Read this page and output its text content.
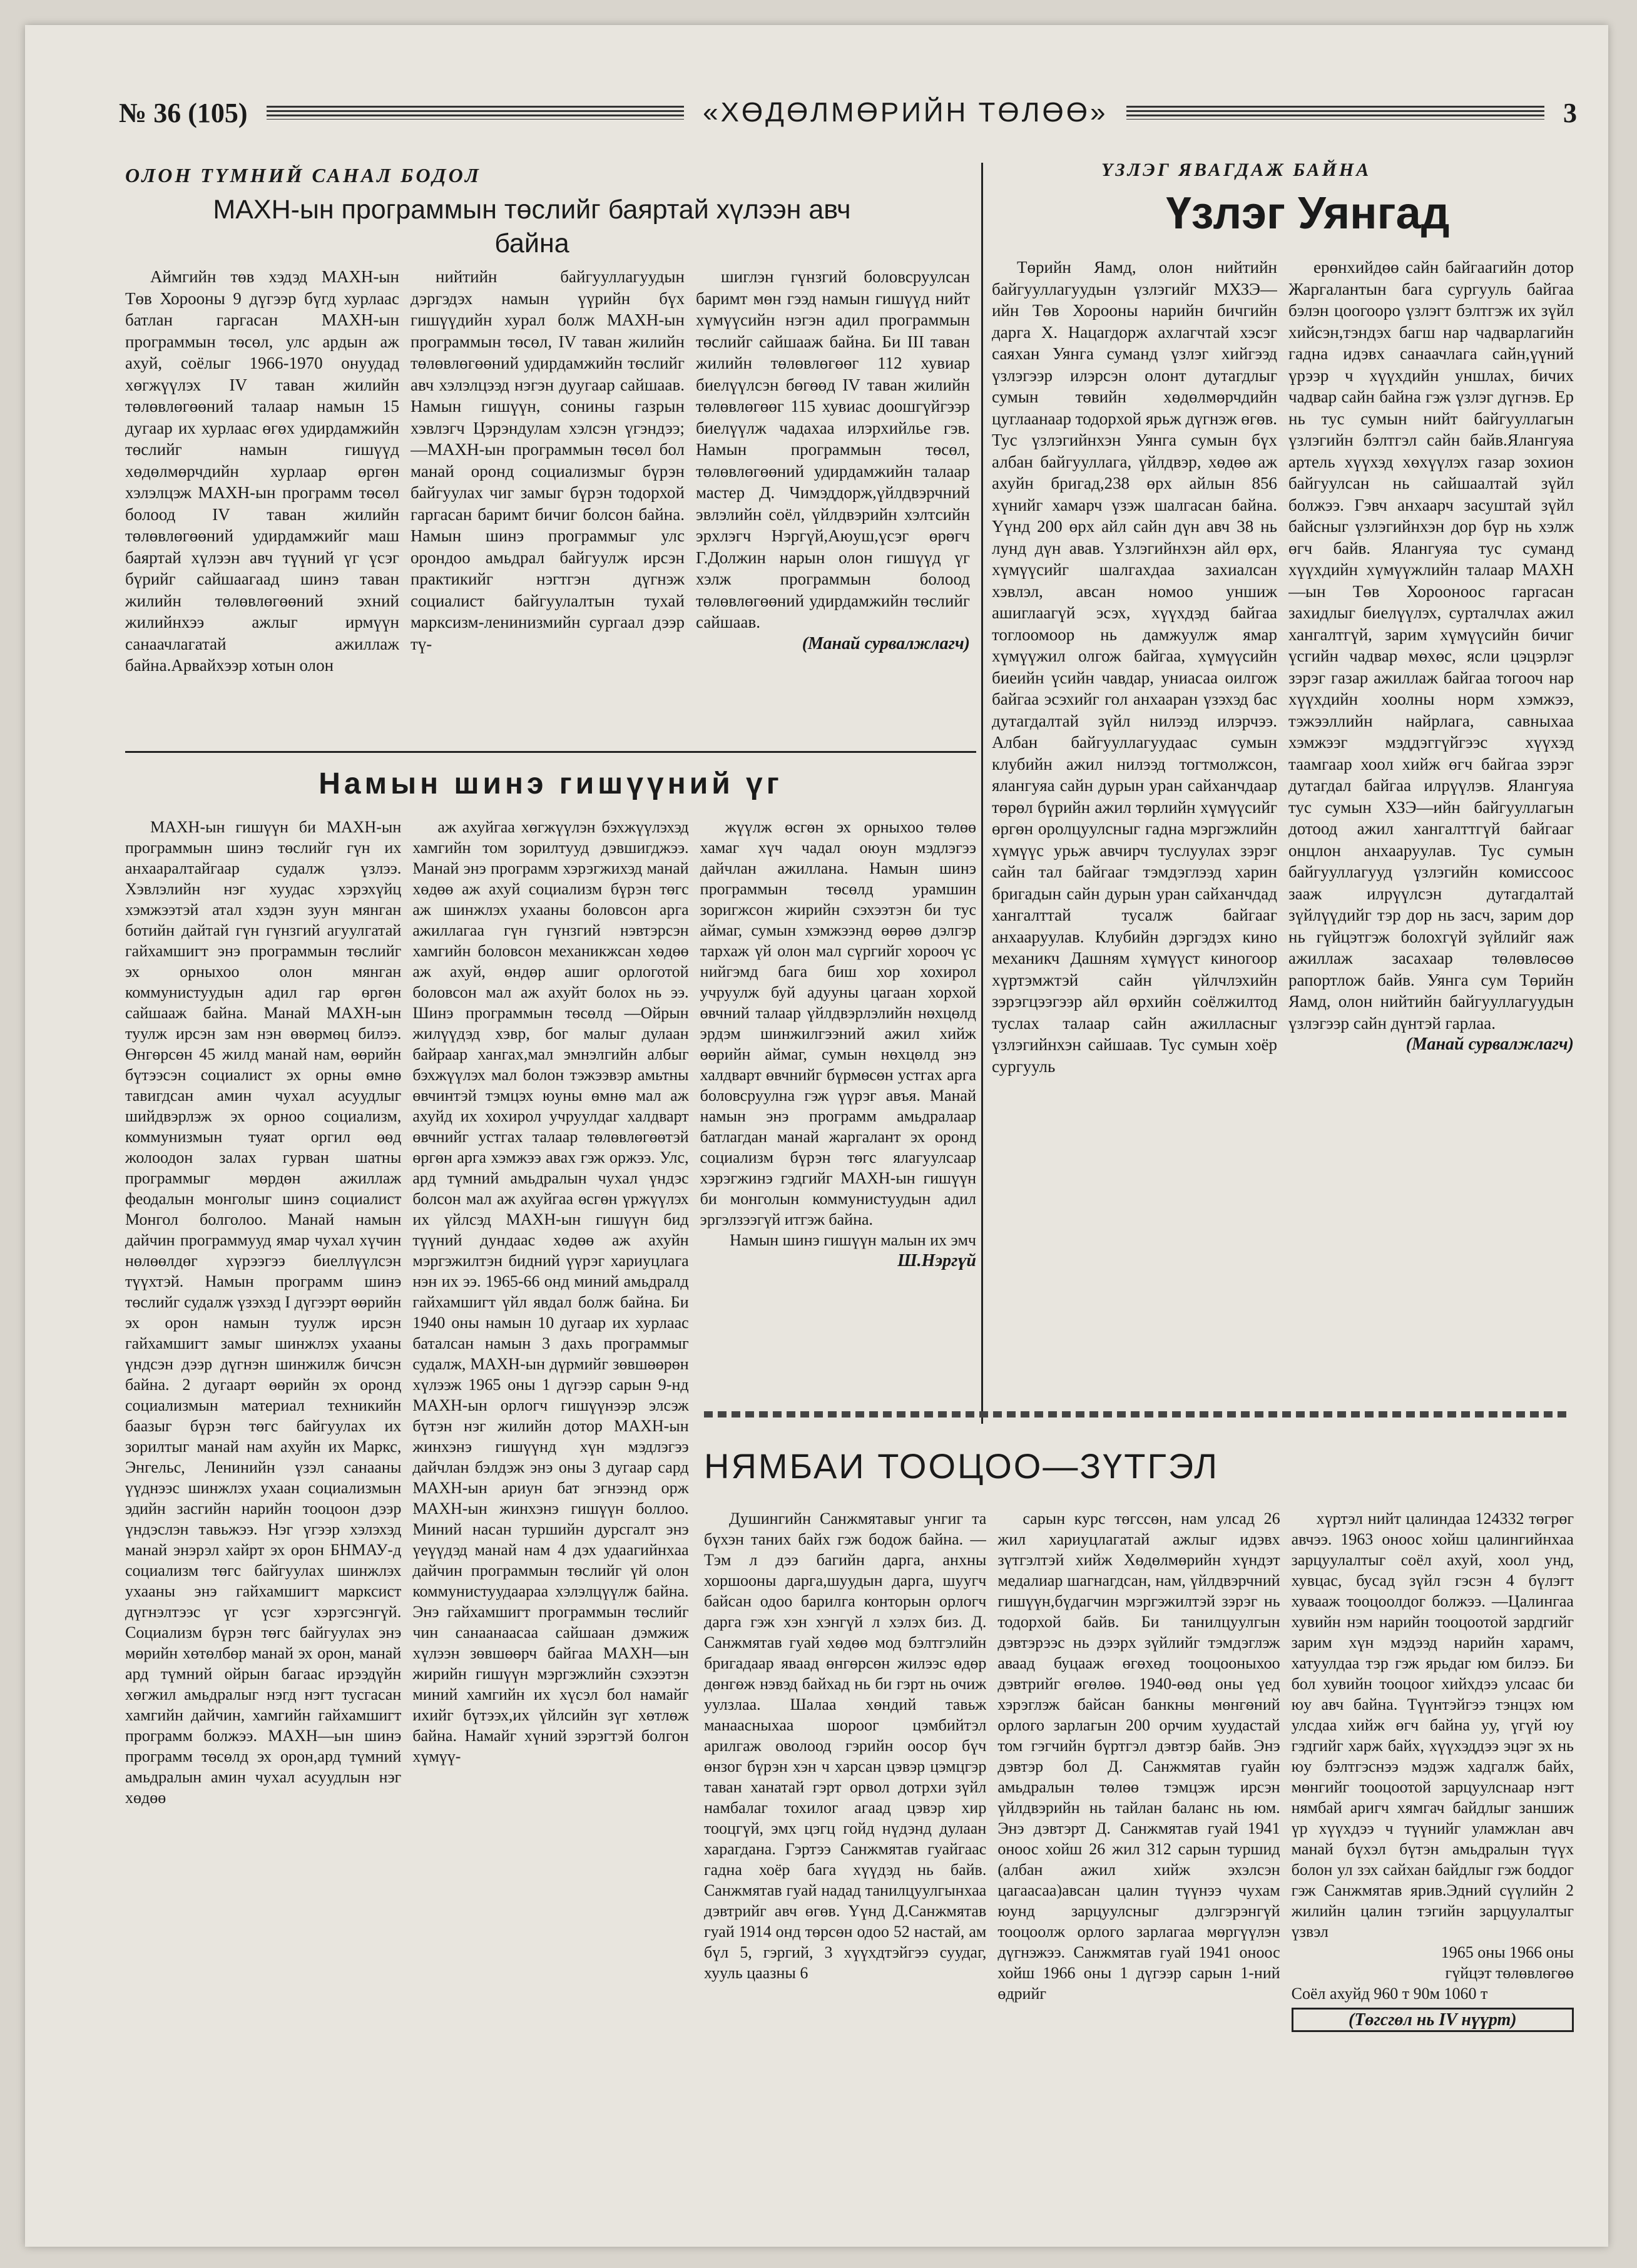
№ 36 (105)	«ХӨДӨЛМӨРИЙН ТӨЛӨӨ»	3
ОЛОН ТҮМНИЙ САНАЛ БОДОЛ
МАХН-ын программын төслийг баяртай хүлээн авч байна

Аймгийн төв хэдэд МАХН-ын Төв Хорооны 9 дүгээр бүгд хурлаас батлан гаргасан МАХН-ын программын төсөл, улс ардын аж ахуй, соёлыг 1966-1970 онуудад хөгжүүлэх IV таван жилийн төлөвлөгөөний талаар намын 15 дугаар их хурлаас өгөх удирдамжийн төслийг намын гишүүд хөдөлмөрчдийн хурлаар өргөн хэлэлцэж МАХН-ын программ төсөл болоод IV таван жилийн төлөвлөгөөний удирдамжийг маш баяртай хүлээн авч түүний үг үсэг бүрийг сайшаагаад шинэ таван жилийн төлөвлөгөөний эхний жилийнхээ ажлыг ирмүүн санаачлагатай ажиллаж байна.Арвайхээр хотын олон

нийтийн байгууллагуудын дэргэдэх намын үүрийн бүх гишүүдийн хурал болж МАХН-ын программын төсөл, IV таван жилийн төлөвлөгөөний удирдамжийн төслийг авч хэлэлцээд нэгэн дуугаар сайшаав. Намын гишүүн, сонины газрын хэвлэгч Цэрэндулам хэлсэн үгэндээ; —МАХН-ын программын төсөл бол манай оронд социализмыг бүрэн байгуулах чиг замыг бүрэн тодорхой гаргасан баримт бичиг болсон байна. Намын шинэ программыг улс орондоо амьдрал байгуулж ирсэн практикийг нэгтгэн дүгнэж социалист байгуулалтын тухай марксизм-ленинизмийн сургаал дээр тү-

шиглэн гүнзгий боловсруулсан баримт мөн гээд намын гишүүд нийт хүмүүсийн нэгэн адил программын төслийг сайшааж байна. Би III таван жилийн төлөвлөгөөг 112 хувиар биелүүлсэн бөгөөд IV таван жилийн төлөвлөгөөг 115 хувиас доошгүйгээр биелүүлж чадахаа илэрхийлье гэв. Намын программын төсөл, төлөвлөгөөний удирдамжийн талаар мастер Д. Чимэддорж,үйлдвэрчний эвлэлийн соёл, үйлдвэрийн хэлтсийн эрхлэгч Нэргүй,Аюуш,үсэг өрөгч Г.Должин нарын олон гишүүд үг хэлж программын болоод төлөвлөгөөний удирдамжийн төслийг сайшаав.

(Манай сурвалжлагч)
Намын шинэ гишүүний үг

МАХН-ын гишүүн би МАХН-ын программын шинэ төслийг гүн их анхааралтайгаар судалж үзлээ. Хэвлэлийн нэг хуудас хэрэхүйц хэмжээтэй атал хэдэн зуун мянган ботийн дайтай гүн гүнзгий агуулгатай гайхамшигт энэ программын төслийг эх орныхоо олон мянган коммунистуудын адил гар өргөн сайшааж байна. Манай МАХН-ын туулж ирсэн зам нэн өвөрмөц билээ. Өнгөрсөн 45 жилд манай нам, өөрийн бүтээсэн социалист эх орны өмнө тавигдсан амин чухал асуудлыг шийдвэрлэж эх орноо социализм, коммунизмын туяат оргил өөд жолоодон залах гурван шатны программыг мөрдөн ажиллаж феодалын монголыг шинэ социалист Монгол болголоо. Манай намын дайчин программууд ямар чухал хүчин нөлөөлдөг хүрээгээ биеллүүлсэн түүхтэй. Намын программ шинэ төслийг судалж үзэхэд I дүгээрт өөрийн эх орон намын туулж ирсэн гайхамшигт замыг шинжлэх ухааны үндсэн дээр дүгнэн шинжилж бичсэн байна. 2 дугаарт өөрийн эх оронд социализмын материал техникийн баазыг бүрэн төгс байгуулах их зорилтыг манай нам ахуйн их Маркс, Энгельс, Ленинийн үзэл санааны үүднээс шинжлэх ухаан социализмын эдийн засгийн нарийн тооцоон дээр үндэслэн тавьжээ. Нэг үгээр хэлэхэд манай энэрэл хайрт эх орон БНМАУ-д социализм төгс байгуулах шинжлэх ухааны энэ гайхамшигт марксист дүгнэлтээс үг үсэг хэрэгсэнгүй. Социализм бүрэн төгс байгуулах энэ мөрийн хөтөлбөр манай эх орон, манай ард түмний ойрын багаас ирээдүйн хөгжил амьдралыг нэгд нэгт тусгасан хамгийн дайчин, хамгийн гайхамшигт программ болжээ. МАХН—ын шинэ программ төсөлд эх орон,ард түмний амьдралын амин чухал асуудлын нэг хөдөө

аж ахуйгаа хөгжүүлэн бэхжүүлэхэд хамгийн том зорилтууд дэвшигджээ. Манай энэ программ хэрэгжихэд манай хөдөө аж ахуй социализм бүрэн төгс аж шинжлэх ухааны боловсон арга ажиллагаа гүн гүнзгий нэвтэрсэн хамгийн боловсон механикжсан хөдөө аж ахуй, өндөр ашиг орлоготой боловсон мал аж ахуйт болох нь ээ. Шинэ программын төсөлд —Ойрын жилүүдэд хэвр, бог малыг дулаан байраар хангах,мал эмнэлгийн албыг бэхжүүлэх мал болон тэжээвэр амьтны өвчинтэй тэмцэх юуны өмнө мал аж ахуйд их хохирол учруулдаг халдварт өвчнийг устгах талаар төлөвлөгөөтэй өргөн арга хэмжээ авах гэж оржээ. Улс, ард түмний амьдралын чухал үндэс болсон мал аж ахуйгаа өсгөн үржүүлэх их үйлсэд МАХН-ын гишүүн бид түүний дундаас хөдөө аж ахуйн мэргэжилтэн бидний үүрэг хариуцлага нэн их ээ. 1965-66 онд миний амьдралд гайхамшигт үйл явдал болж байна. Би 1940 оны намын 10 дугаар их хурлаас баталсан намын 3 дахь программыг судалж, МАХН-ын дүрмийг зөвшөөрөн хүлээж 1965 оны 1 дүгээр сарын 9-нд МАХН-ын орлогч гишүүнээр элсэж бүтэн нэг жилийн дотор МАХН-ын жинхэнэ гишүүнд хүн мэдлэгээ дайчлан бэлдэж энэ оны 3 дугаар сард МАХН-ын ариун бат эгнээнд орж МАХН-ын жинхэнэ гишүүн боллоо. Миний насан туршийн дурсгалт энэ үеүүдэд манай нам 4 дэх удаагийнхаа дайчин программын төслийг үй олон коммунистуудаараа хэлэлцүүлж байна. Энэ гайхамшигт программын төслийг чин санаанаасаа сайшаан дэмжиж хүлээн зөвшөөрч байгаа МАХН—ын жирийн гишүүн мэргэжлийн сэхээтэн миний хамгийн их хүсэл бол намайг ихийг бүтээх,их үйлсийн зүг хөтлөж байна. Намайг хүний зэрэгтэй болгон хүмүү-

жүүлж өсгөн эх орныхоо төлөө хамаг хүч чадал оюун мэдлэгээ дайчлан ажиллана. Намын шинэ программын төсөлд урамшин зоригжсон жирийн сэхээтэн би тус аймаг, сумын хэмжээнд өөрөө дэлгэр тархаж үй олон мал сүргийг хорооч үс нийгэмд бага биш хор хохирол учруулж буй адууны цагаан хорхой өвчний талаар үйлдвэрлэлийн нөхцөлд эрдэм шинжилгээний ажил хийж өөрийн аймаг, сумын нөхцөлд энэ халдварт өвчнийг бүрмөсөн устгах арга боловсруулна гэж үүрэг авъя. Манай намын энэ программ амьдралаар батлагдан манай жаргалант эх оронд социализм бүрэн төгс ялагуулсаар хэрэгжинэ гэдгийг МАХН-ын гишүүн би монголын коммунистуудын адил эргэлзээгүй итгэж байна.

Намын шинэ гишүүн малын их эмч Ш.Нэргүй
ҮЗЛЭГ ЯВАГДАЖ БАЙНА
Үзлэг Уянгад

Төрийн Яамд, олон нийтийн байгууллагуудын үзлэгийг МХЗЭ—ийн Төв Хорооны нарийн бичгийн дарга Х. Нацагдорж ахлагчтай хэсэг саяхан Уянга суманд үзлэг хийгээд үзлэгээр илэрсэн олонт дутагдлыг сумын төвийн хөдөлмөрчдийн цуглаанаар тодорхой ярьж дүгнэж өгөв. Тус үзлэгийнхэн Уянга сумын бүх албан байгууллага, үйлдвэр, хөдөө аж ахуйн бригад,238 өрх айлын 856 хүнийг хамарч үзэж шалгасан байна. Үүнд 200 өрх айл сайн дүн авч 38 нь лунд дүн авав. Үзлэгийнхэн айл өрх, хүмүүсийг шалгахдаа захиалсан хэвлэл, авсан номоо уншиж ашиглаагүй эсэх, хүүхдэд байгаа тоглоомоор нь дамжуулж ямар хүмүүжил олгож байгаа, хүмүүсийн биеийн үсийн чавдар, униасаа оилгож байгаа эсэхийг гол анхааран үзэхэд бас дутагдалтай зүйл нилээд илэрчээ. Албан байгууллагуудаас сумын клубийн ажил нилээд тогтмолжсон, ялангуяа сайн дурын уран сайханчдаар төрөл бүрийн ажил төрлийн хүмүүсийг өргөн оролцуулсныг гадна мэргэжлийн хүмүүс урьж авчирч туслуулах зэрэг сайн тал байгааг тэмдэглээд харин бригадын сайн дурын уран сайханчдад хангалттай тусалж байгааг анхааруулав. Клубийн дэргэдэх кино механикч Дашням хүмүүст киногоор хүртэмжтэй сайн үйлчлэхийн зэрэгцээгээр айл өрхийн соёлжилтод туслах талаар сайн ажилласныг үзлэгийнхэн сайшаав. Тус сумын хоёр сургууль

ерөнхийдөө сайн байгаагийн дотор Жаргалантын бага сургууль байгаа бэлэн цоогооро үзлэгт бэлтгэж их зүйл хийсэн,тэндэх багш нар чадварлагийн гадна идэвх санаачлага сайн,үүний үрээр ч хүүхдийн уншлах, бичих чадвар сайн байна гэж үзлэг дүгнэв. Ер нь тус сумын нийт байгууллагын үзлэгийн бэлтгэл сайн байв.Ялангуяа артель хүүхэд хөхүүлэх газар зохион байгуулсан нь сайшаалтай зүйл болжээ. Гэвч анхаарч засуштай зүйл байсныг үзлэгийнхэн дор бүр нь хэлж өгч байв. Ялангуяа тус суманд хүүхдийн хүмүүжлийн талаар МАХН—ын Төв Хорооноос гаргасан захидлыг биелүүлэх, сурталчлах ажил хангалтгүй, зарим хүмүүсийн бичиг үсгийн чадвар мөхөс, ясли цэцэрлэг зэрэг газар ажиллаж байгаа тогооч нар хүүхдийн хоолны норм хэмжээ, тэжээллийн найрлага, савныхаа хэмжээг мэддэггүйгээс хүүхэд таамгаар хоол хийж өгч байгаа зэрэг дутагдал байгаа илрүүлэв. Ялангуяа тус сумын ХЗЭ—ийн байгууллагын дотоод ажил хангалттгүй байгааг онцлон анхааруулав. Тус сумын байгууллагууд үзлэгийн комиссоос зааж илрүүлсэн дутагдалтай зүйлүүдийг тэр дор нь засч, зарим дор нь гүйцэтгэж болохгүй зүйлийг яаж ажиллаж засахаар төлөвлөсөө рапортлож байв. Уянга сум Төрийн Яамд, олон нийтийн байгууллагуудын үзлэгээр сайн дүнтэй гарлаа.

(Манай сурвалжлагч)
НЯМБАИ ТООЦОО—ЗҮТГЭЛ

Душингийн Санжмятавыг унгиг та бүхэн таних байх гэж бодож байна. —Тэм л дээ багийн дарга, анхны хоршооны дарга,шуудын дарга, шуугч байсан одоо барилга конторын орлогч дарга гэж хэн хэнгүй л хэлэх биз. Д. Санжмятав гуай хөдөө мод бэлтгэлийн бригадаар явaaд өнгөрсөн жилээс өдөр дөнгөж нэвэд байхад нь би гэрт нь очиж уулзлаа. Шалаа хөндий тавьж манаасныхаа шороог цэмбийтэл арилгаж оволоод гэрийн оосор бүч өнзог бүрэн хэн ч харсан цэвэр цэмцгэр таван ханатай гэрт орвол дотрхи зүйл намбалаг тохилог агаад цэвэр хир тооцгүй, эмх цэгц гойд нүдэнд дулаан харагдана. Гэртээ Санжмятав гуайгаас гадна хоёр бага хүүдэд нь байв. Санжмятав гуай надад танилцуулгынхаа дэвтрийг авч өгөв. Үүнд Д.Санжмятав гуай 1914 онд төрсөн одоо 52 настай, ам бүл 5, гэргий, 3 хүүхдтэйгээ суудаг, хууль цаазны 6

сарын курс төгссөн, нам улсад 26 жил хариуцлагатай ажлыг идэвх зүтгэлтэй хийж Хөдөлмөрийн хүндэт медалиар шагнагдсан, нам, үйлдвэрчний гишүүн,бүдагчин мэргэжилтэй зэрэг нь тодорхой байв. Би танилцуулгын дэвтэрээс нь дээрх зүйлийг тэмдэглэж аваад буцааж өгөхөд тооцооныхоо дэвтрийг өгөлөө. 1940-өөд оны үед хэрэглэж байсан банкны мөнгөний орлого зарлагын 200 орчим хуудастай том гэгчийн бүртгэл дэвтэр байв. Энэ дэвтэр бол Д. Санжмятав гуайн амьдралын төлөө тэмцэж ирсэн үйлдвэрийн нь тайлан баланс нь юм. Энэ дэвтэрт Д. Санжмятав гуай 1941 оноос хойш 26 жил 312 сарын туршид (албан ажил хийж эхэлсэн цагаасаа)авсан цалин түүнээ чухам юунд зарцуулсныг дэлгэрэнгүй тооцоолж орлого зарлагаа мөргүүлэн дүгнэжээ. Санжмятав гуай 1941 оноос хойш 1966 оны 1 дүгээр сарын 1-ний өдрийг

хүртэл нийт цалиндаа 124332 төгрөг авчээ. 1963 оноос хойш цалингийнхаа зарцуулалтыг соёл ахуй, хоол унд, хувцас, бусад зүйл гэсэн 4 бүлэгт хувааж тооцоолдог болжээ. —Цалингаа хувийн нэм нарийн тооцоотой зардгийг зарим хүн мэдээд нарийн харамч, хатуулдаа тэр гэж ярьдаг юм билээ. Би бол хувийн тооцоог хийхдээ улсаас би юу авч байна. Түүнтэйгээ тэнцэх юм улсдаа хийж өгч байна уу, үгүй юу гэдгийг харж байх, хүүхэддээ эцэг эх нь юу бэлтгэснээ мэдэж хадгалж байх, мөнгийг тооцоотой зарцуулснаар нэгт нямбай аригч хямгач байдлыг заншиж үр хүүхдээ ч түүнийг уламжлан авч манай бүхэл бүтэн амьдралын түүх болон ул зэх сайхан байдлыг гэж боддог гэж Санжмятав ярив.Эдний сүүлийн 2 жилийн цалин тэгийн зарцуулалтыг үзвэл

1965 оны 1966 оны
гүйцэт төлөвлөгөө
Соёл ахуйд 960 т 90м 1060 т
(Төгсгөл нь IV нүүрт)
